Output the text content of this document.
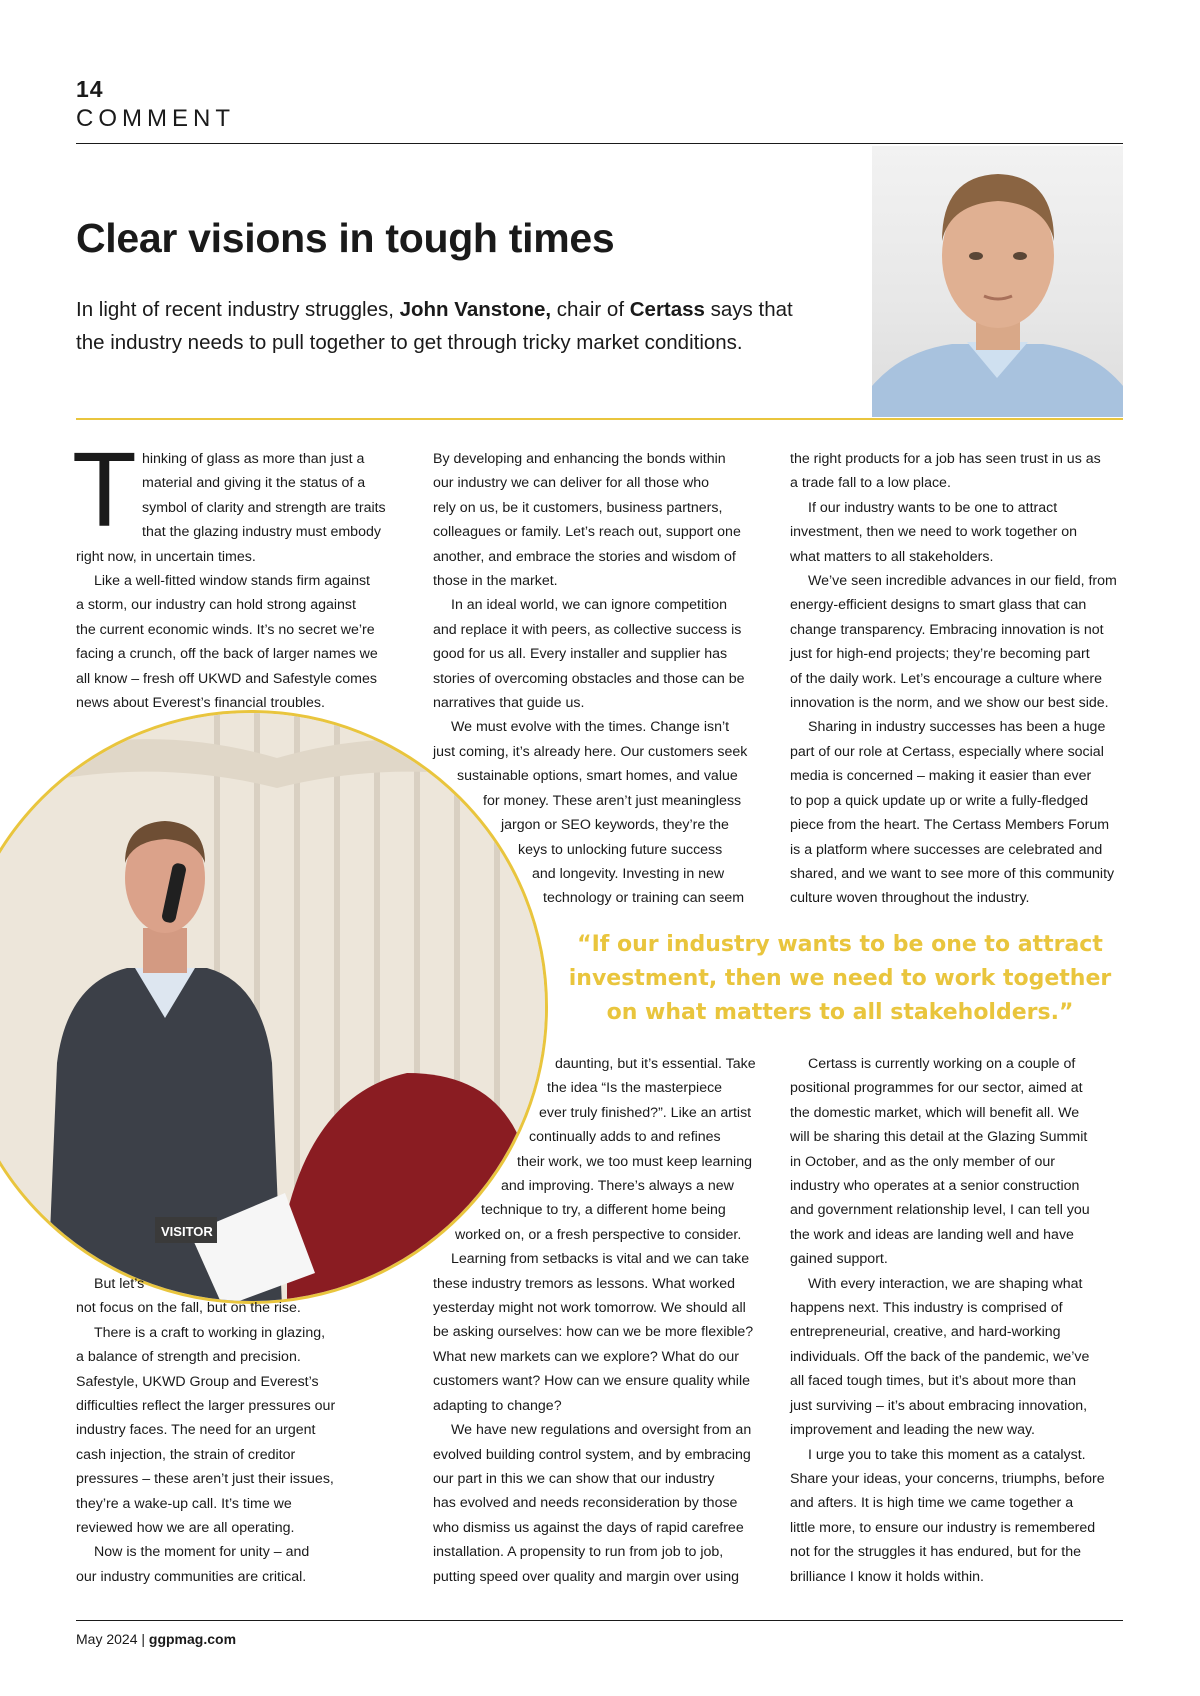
14
COMMENT
Clear visions in tough times

In light of recent industry struggles, John Vanstone, chair of Certass says that
the industry needs to pull together to get through tricky market conditions.

T hinking of glass as more than just a

material and giving it the status of a

symbol of clarity and strength are traits

that the glazing industry must embody

right now, in uncertain times.

Like a well-fitted window stands firm against

a storm, our industry can hold strong against

the current economic winds. It’s no secret we’re

facing a crunch, off the back of larger names we

all know – fresh off UKWD and Safestyle comes

news about Everest’s financial troubles.

VISITOR

But let’s

not focus on the fall, but on the rise.

There is a craft to working in glazing,

a balance of strength and precision.

Safestyle, UKWD Group and Everest’s

difficulties reflect the larger pressures our

industry faces. The need for an urgent

cash injection, the strain of creditor

pressures – these aren’t just their issues,

they’re a wake-up call. It’s time we

reviewed how we are all operating.

Now is the moment for unity – and

our industry communities are critical.

By developing and enhancing the bonds within

our industry we can deliver for all those who

rely on us, be it customers, business partners,

colleagues or family. Let’s reach out, support one

another, and embrace the stories and wisdom of

those in the market.

In an ideal world, we can ignore competition

and replace it with peers, as collective success is

good for us all. Every installer and supplier has

stories of overcoming obstacles and those can be

narratives that guide us.

We must evolve with the times. Change isn’t

just coming, it’s already here. Our customers seek

sustainable options, smart homes, and value

for money. These aren’t just meaningless

jargon or SEO keywords, they’re the

keys to unlocking future success

and longevity. Investing in new

technology or training can seem

the right products for a job has seen trust in us as

a trade fall to a low place.

If our industry wants to be one to attract

investment, then we need to work together on

what matters to all stakeholders.

We’ve seen incredible advances in our field, from

energy-efficient designs to smart glass that can

change transparency. Embracing innovation is not

just for high-end projects; they’re becoming part

of the daily work. Let’s encourage a culture where

innovation is the norm, and we show our best side.

Sharing in industry successes has been a huge

part of our role at Certass, especially where social

media is concerned – making it easier than ever

to pop a quick update up or write a fully-fledged

piece from the heart. The Certass Members Forum

is a platform where successes are celebrated and

shared, and we want to see more of this community

culture woven throughout the industry.

“If our industry wants to be one to attract
investment, then we need to work together
on what matters to all stakeholders.”

daunting, but it’s essential. Take

the idea “Is the masterpiece

ever truly finished?”. Like an artist

continually adds to and refines

their work, we too must keep learning

and improving. There’s always a new

technique to try, a different home being

worked on, or a fresh perspective to consider.

Learning from setbacks is vital and we can take

these industry tremors as lessons. What worked

yesterday might not work tomorrow. We should all

be asking ourselves: how can we be more flexible?

What new markets can we explore? What do our

customers want? How can we ensure quality while

adapting to change?

We have new regulations and oversight from an

evolved building control system, and by embracing

our part in this we can show that our industry

has evolved and needs reconsideration by those

who dismiss us against the days of rapid carefree

installation. A propensity to run from job to job,

putting speed over quality and margin over using

Certass is currently working on a couple of

positional programmes for our sector, aimed at

the domestic market, which will benefit all. We

will be sharing this detail at the Glazing Summit

in October, and as the only member of our

industry who operates at a senior construction

and government relationship level, I can tell you

the work and ideas are landing well and have

gained support.

With every interaction, we are shaping what

happens next. This industry is comprised of

entrepreneurial, creative, and hard-working

individuals. Off the back of the pandemic, we’ve

all faced tough times, but it’s about more than

just surviving – it’s about embracing innovation,

improvement and leading the new way.

I urge you to take this moment as a catalyst.

Share your ideas, your concerns, triumphs, before

and afters. It is high time we came together a

little more, to ensure our industry is remembered

not for the struggles it has endured, but for the

brilliance I know it holds within.

May 2024 | ggpmag.com
